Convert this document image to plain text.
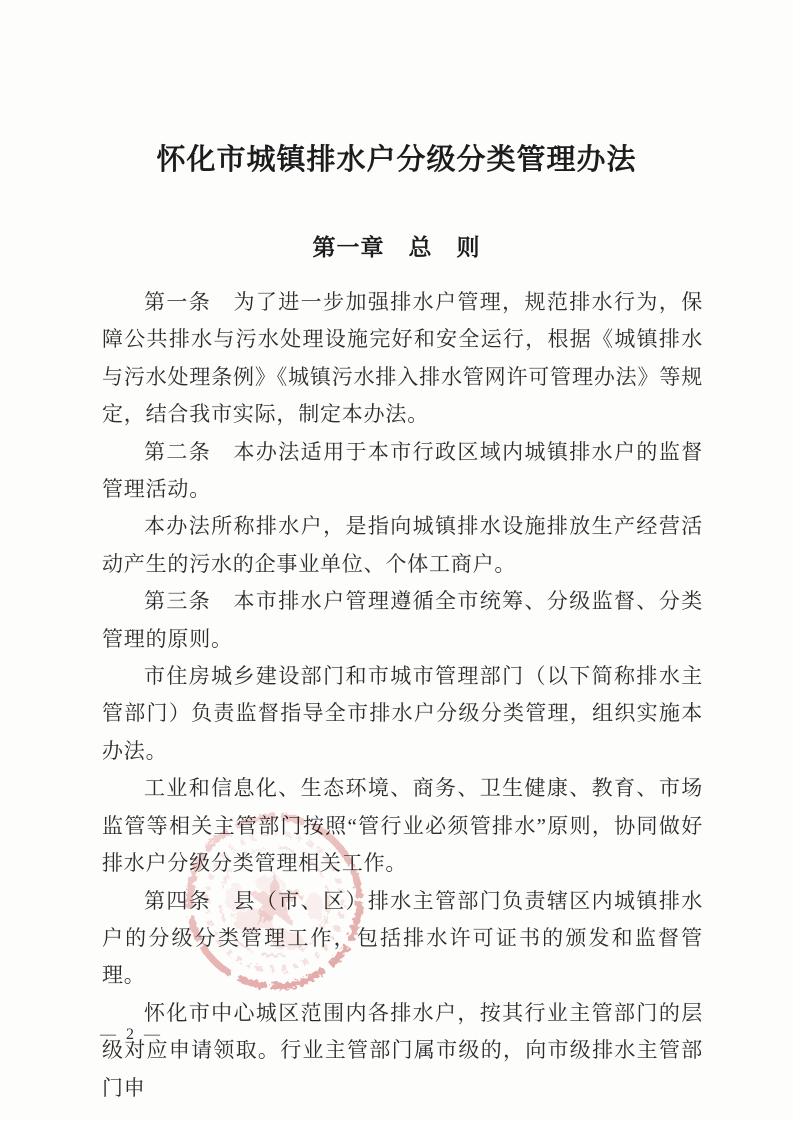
怀化市城镇排水户分级分类管理办法
第一章　总　则

第一条　为了进一步加强排水户管理，规范排水行为，保障公共排水与污水处理设施完好和安全运行，根据《城镇排水与污水处理条例》《城镇污水排入排水管网许可管理办法》等规定，结合我市实际，制定本办法。

第二条　本办法适用于本市行政区域内城镇排水户的监督管理活动。

本办法所称排水户，是指向城镇排水设施排放生产经营活动产生的污水的企事业单位、个体工商户。

第三条　本市排水户管理遵循全市统筹、分级监督、分类管理的原则。

市住房城乡建设部门和市城市管理部门（以下简称排水主管部门）负责监督指导全市排水户分级分类管理，组织实施本办法。

工业和信息化、生态环境、商务、卫生健康、教育、市场监管等相关主管部门按照“管行业必须管排水”原则，协同做好排水户分级分类管理相关工作。

第四条　县（市、区）排水主管部门负责辖区内城镇排水户的分级分类管理工作，包括排水许可证书的颁发和监督管理。

怀化市中心城区范围内各排水户，按其行业主管部门的层级对应申请领取。行业主管部门属市级的，向市级排水主管部门申

— 2 —
